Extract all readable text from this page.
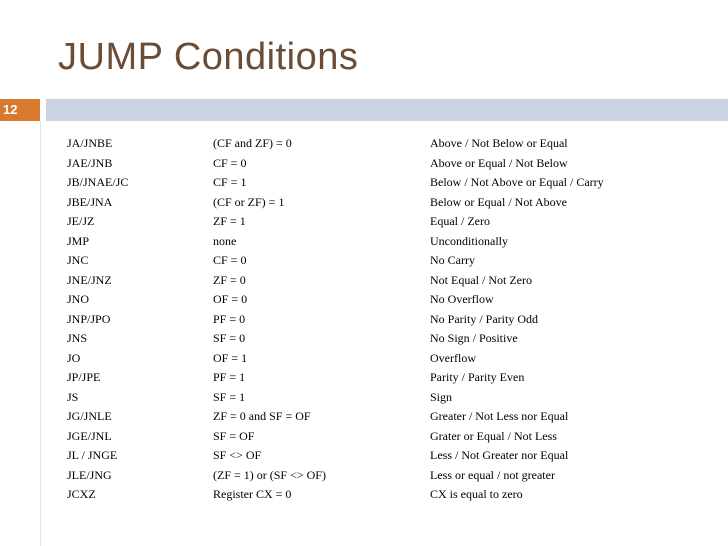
JUMP Conditions
12
JA/JNBE	(CF and ZF) = 0	Above / Not Below or Equal
JAE/JNB	CF = 0	Above or Equal / Not Below
JB/JNAE/JC	CF = 1	Below / Not Above or Equal / Carry
JBE/JNA	(CF or ZF) = 1	Below or Equal / Not Above
JE/JZ	ZF = 1	Equal / Zero
JMP	none	Unconditionally
JNC	CF = 0	No Carry
JNE/JNZ	ZF = 0	Not Equal / Not Zero
JNO	OF = 0	No Overflow
JNP/JPO	PF = 0	No Parity / Parity Odd
JNS	SF = 0	No Sign / Positive
JO	OF = 1	Overflow
JP/JPE	PF = 1	Parity / Parity Even
JS	SF = 1	Sign
JG/JNLE	ZF = 0 and SF = OF	Greater / Not Less nor Equal
JGE/JNL	SF = OF	Grater or Equal / Not Less
JL / JNGE	SF <> OF	Less / Not Greater nor Equal
JLE/JNG	(ZF = 1) or (SF <> OF)	Less or equal / not greater
JCXZ	Register CX = 0	CX is equal to zero
